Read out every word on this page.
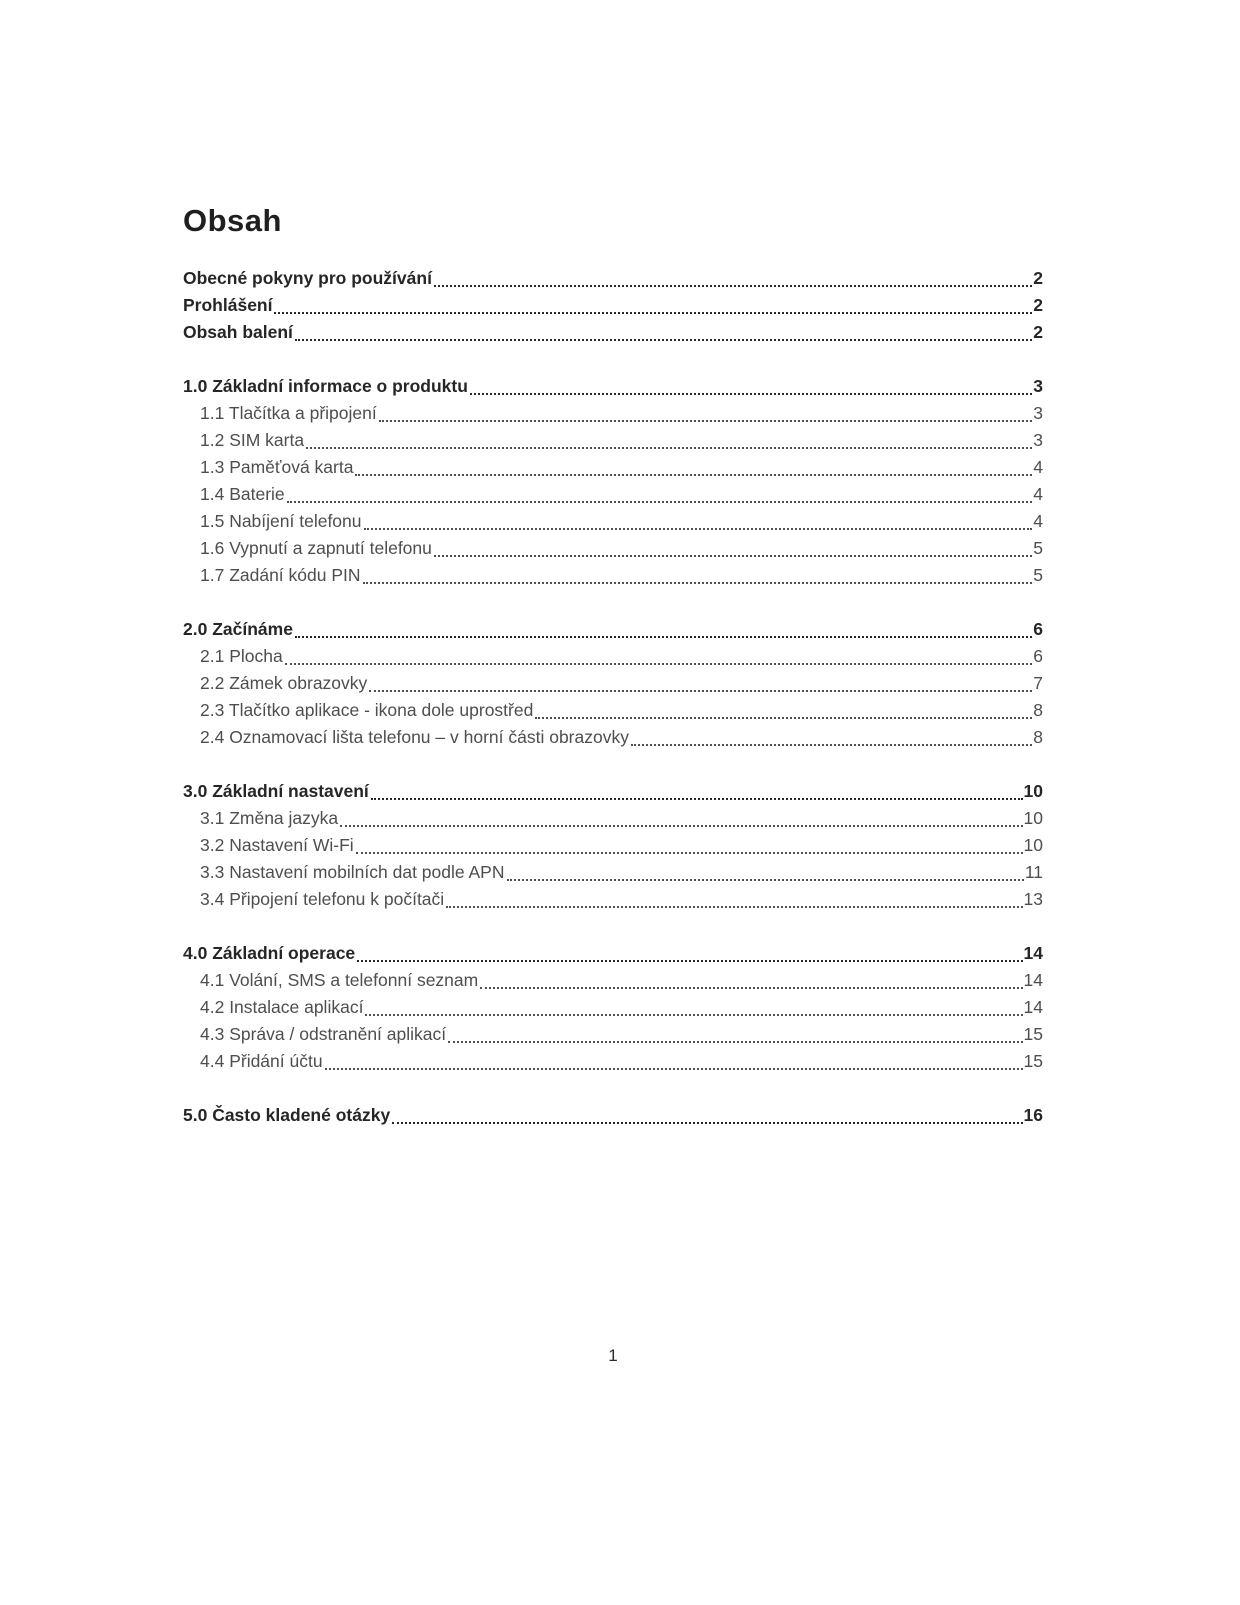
Obsah
Obecné pokyny pro používání	2
Prohlášení	2
Obsah balení	2
1.0 Základní informace o produktu	3
1.1 Tlačítka a připojení	3
1.2 SIM karta	3
1.3 Paměťová karta	4
1.4 Baterie	4
1.5 Nabíjení telefonu	4
1.6 Vypnutí a zapnutí telefonu	5
1.7 Zadání kódu PIN	5
2.0 Začínáme	6
2.1 Plocha	6
2.2 Zámek obrazovky	7
2.3 Tlačítko aplikace - ikona dole uprostřed	8
2.4 Oznamovací lišta telefonu – v horní části obrazovky	8
3.0 Základní nastavení	10
3.1 Změna jazyka	10
3.2 Nastavení Wi-Fi	10
3.3 Nastavení mobilních dat podle APN	11
3.4 Připojení telefonu k počítači	13
4.0 Základní operace	14
4.1 Volání, SMS a telefonní seznam	14
4.2 Instalace aplikací	14
4.3 Správa / odstranění aplikací	15
4.4 Přidání účtu	15
5.0 Často kladené otázky	16
1
